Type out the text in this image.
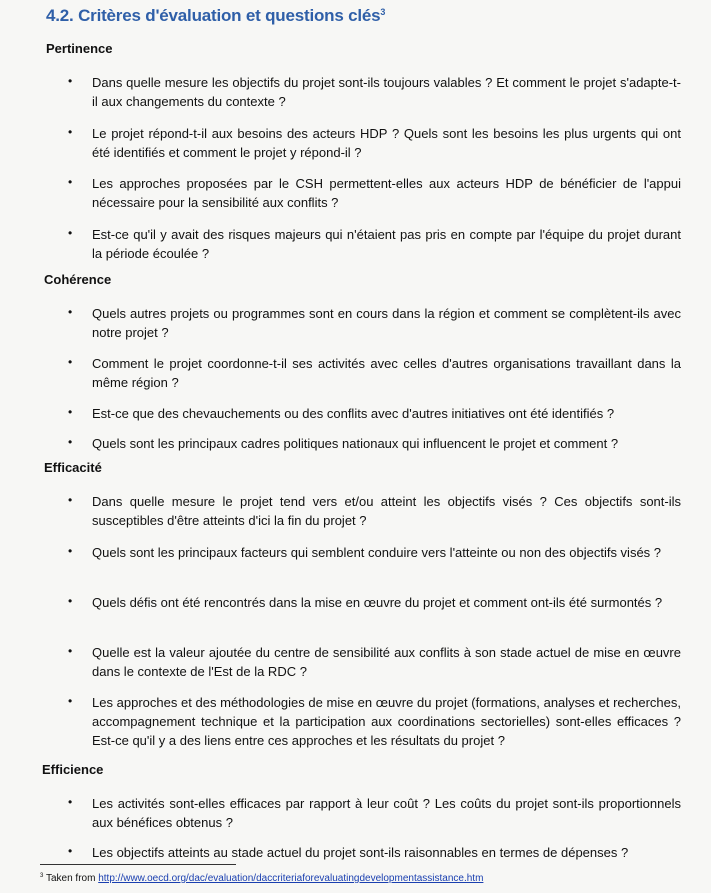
4.2. Critères d'évaluation et questions clés$^3$
Pertinence
• Dans quelle mesure les objectifs du projet sont-ils toujours valables ? Et comment le projet s'adapte-t-il aux changements du contexte ?
• Le projet répond-t-il aux besoins des acteurs HDP ? Quels sont les besoins les plus urgents qui ont été identifiés et comment le projet y répond-il ?
• Les approches proposées par le CSH permettent-elles aux acteurs HDP de bénéficier de l'appui nécessaire pour la sensibilité aux conflits ?
• Est-ce qu'il y avait des risques majeurs qui n'étaient pas pris en compte par l'équipe du projet durant la période écoulée ?
Cohérence
• Quels autres projets ou programmes sont en cours dans la région et comment se complètent-ils avec notre projet ?
• Comment le projet coordonne-t-il ses activités avec celles d'autres organisations travaillant dans la même région ?
• Est-ce que des chevauchements ou des conflits avec d'autres initiatives ont été identifiés ?
• Quels sont les principaux cadres politiques nationaux qui influencent le projet et comment ?
Efficacité
• Dans quelle mesure le projet tend vers et/ou atteint les objectifs visés ? Ces objectifs sont-ils susceptibles d'être atteints d'ici la fin du projet ?
• Quels sont les principaux facteurs qui semblent conduire vers l'atteinte ou non des objectifs visés ?
• Quels défis ont été rencontrés dans la mise en œuvre du projet et comment ont-ils été surmontés ?
• Quelle est la valeur ajoutée du centre de sensibilité aux conflits à son stade actuel de mise en œuvre dans le contexte de l'Est de la RDC ?
• Les approches et des méthodologies de mise en œuvre du projet (formations, analyses et recherches, accompagnement technique et la participation aux coordinations sectorielles) sont-elles efficaces ? Est-ce qu'il y a des liens entre ces approches et les résultats du projet ?
Efficience
• Les activités sont-elles efficaces par rapport à leur coût ? Les coûts du projet sont-ils proportionnels aux bénéfices obtenus ?
• Les objectifs atteints au stade actuel du projet sont-ils raisonnables en termes de dépenses ?
$^3$ Taken from http://www.oecd.org/dac/evaluation/daccriteriaforevaluatingdevelopmentassistance.htm
